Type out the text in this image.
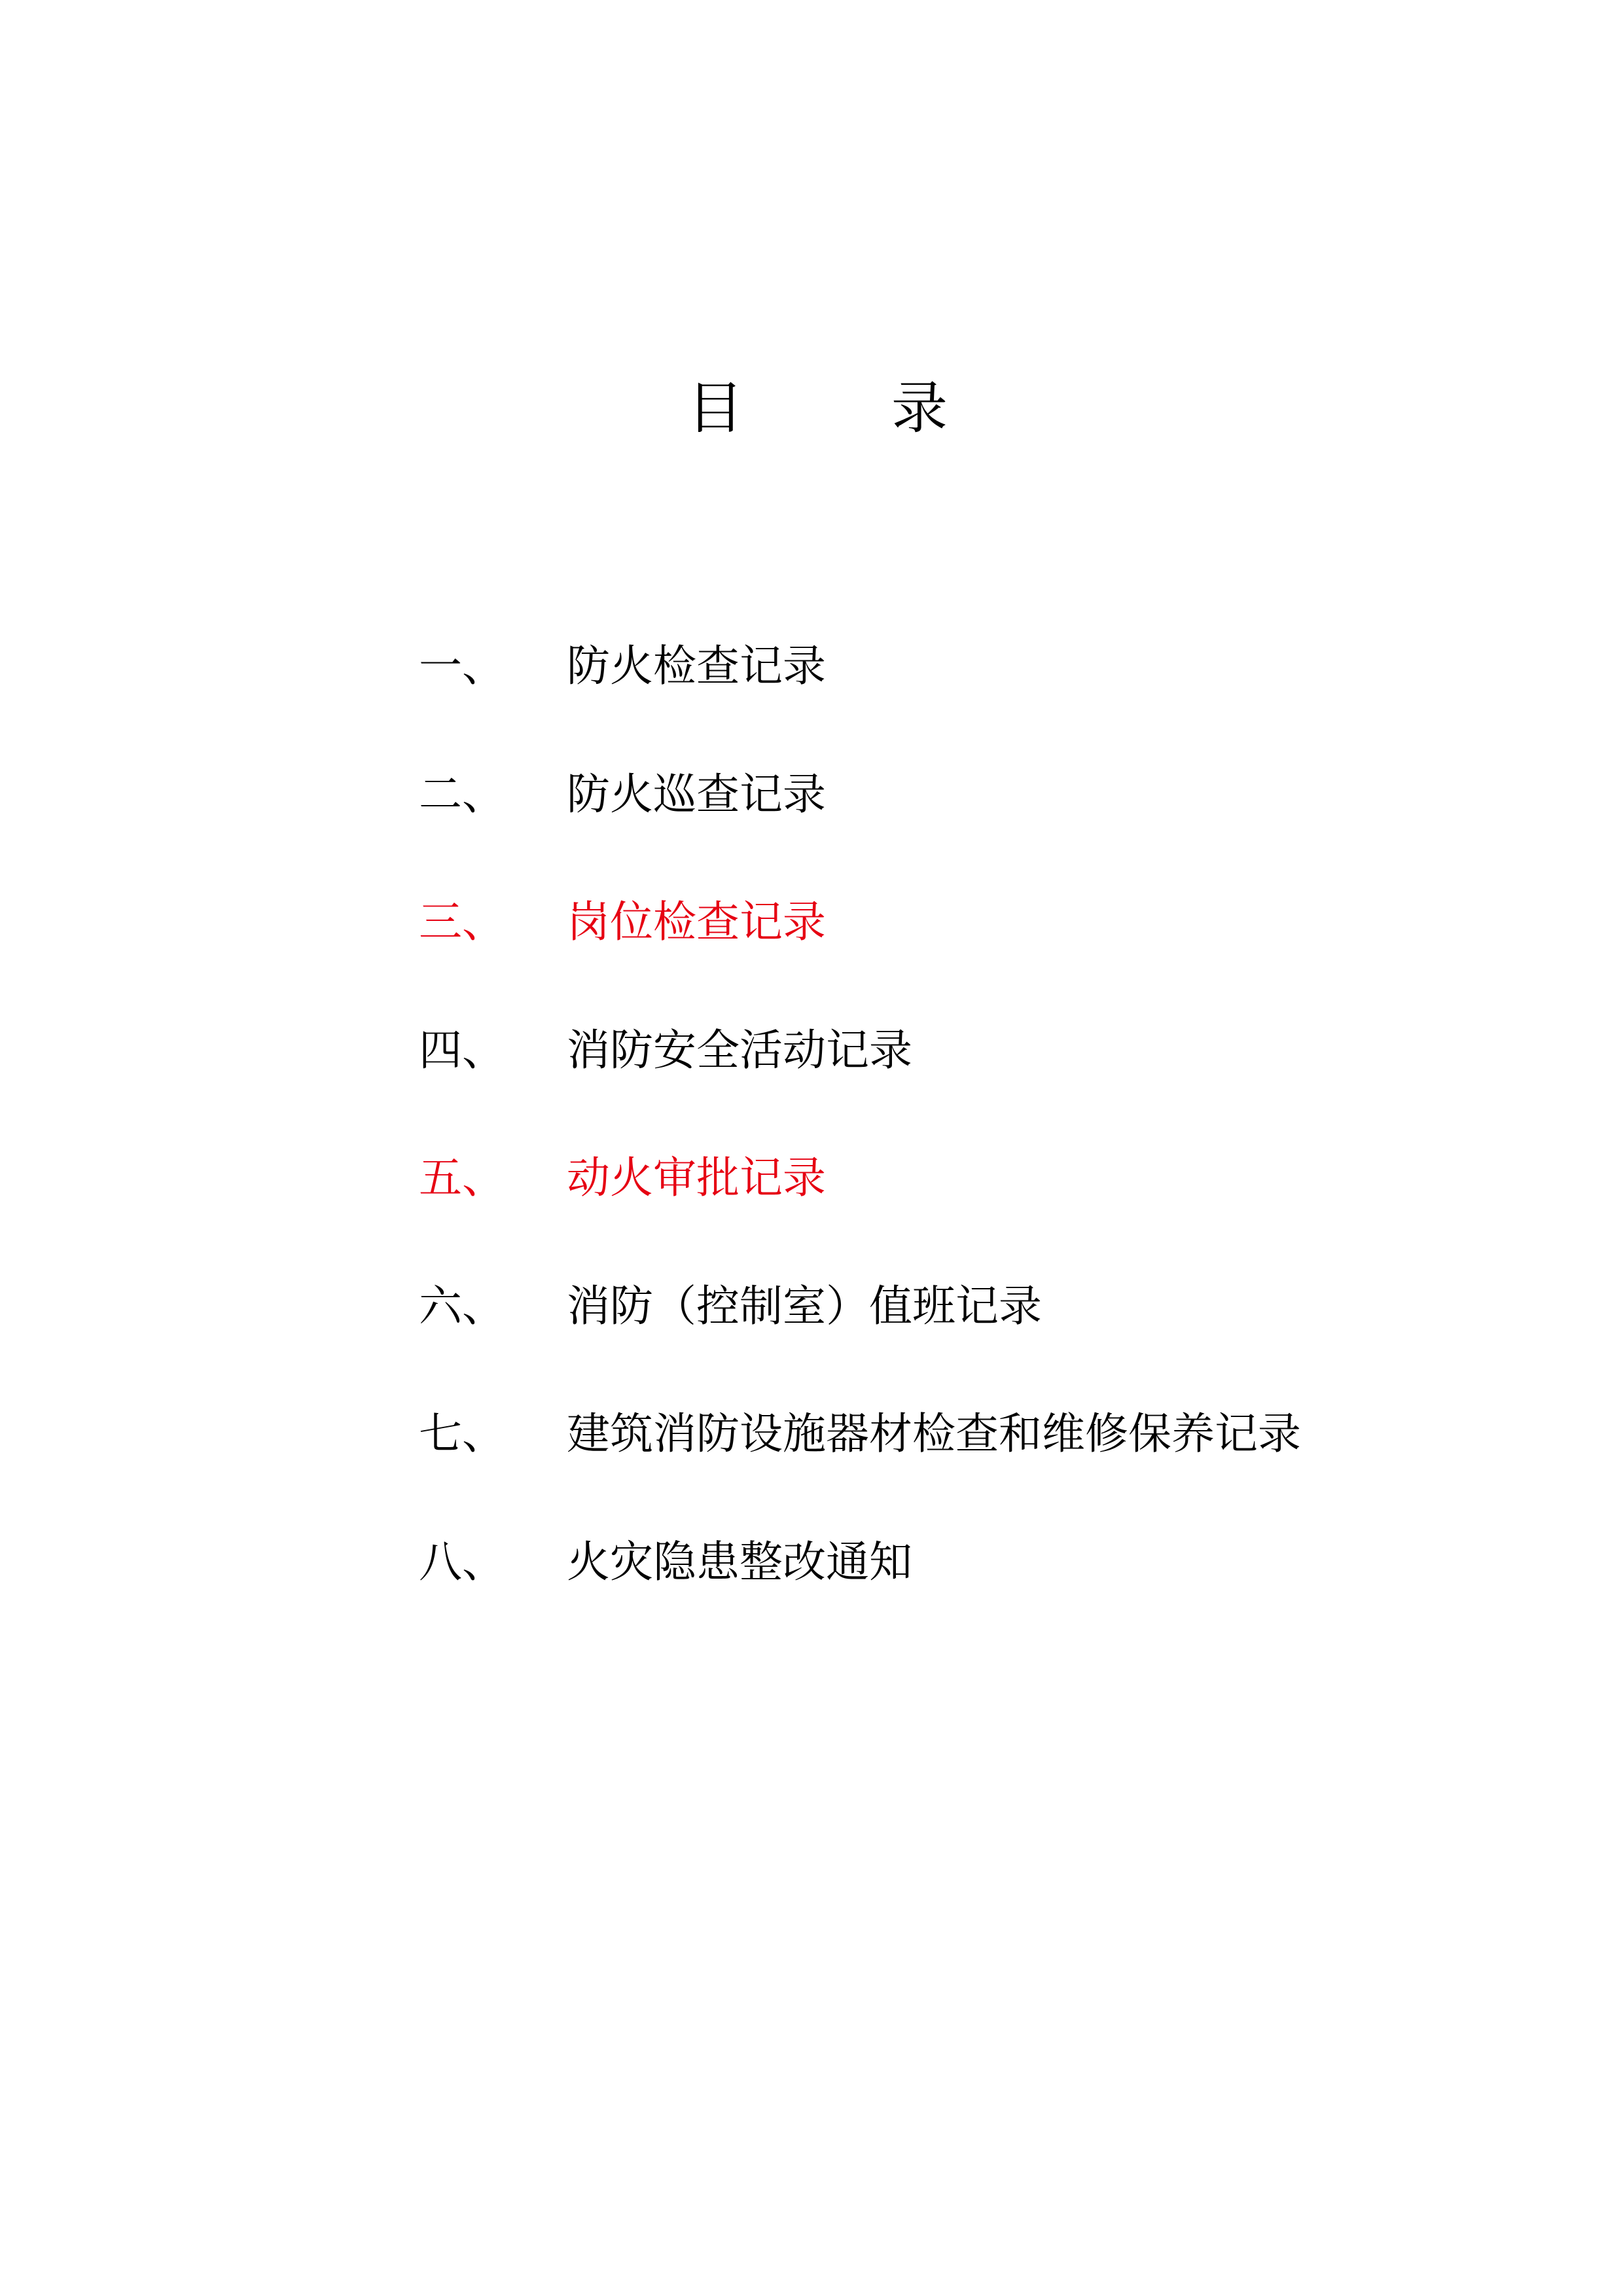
目	录
一、 防火检查记录
二、 防火巡查记录
三、 岗位检查记录
四、 消防安全活动记录
五、 动火审批记录
六、 消防（控制室）值班记录
七、 建筑消防设施器材检查和维修保养记录
八、 火灾隐患整改通知
